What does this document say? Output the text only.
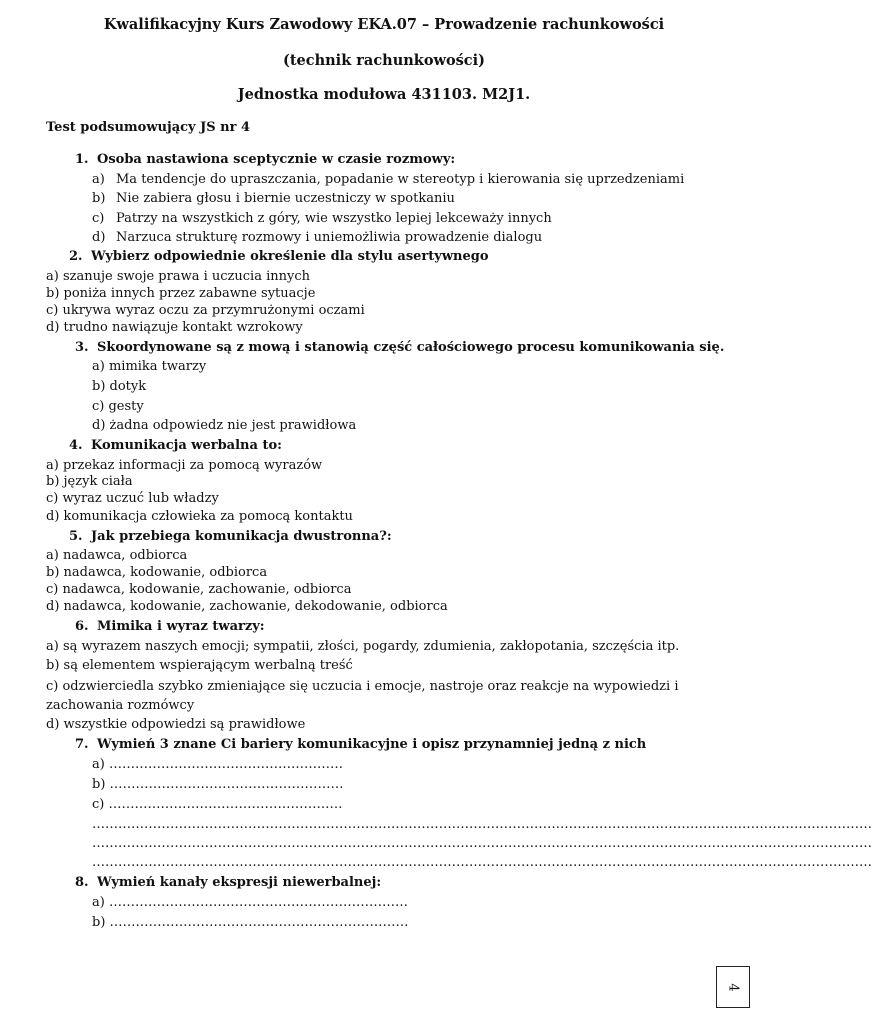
Kwalifikacyjny Kurs Zawodowy EKA.07 – Prowadzenie rachunkowości
(technik rachunkowości)
Jednostka modułowa 431103. M2J1.
Test podsumowujący JS nr 4
1. Osoba nastawiona sceptycznie w czasie rozmowy:
a) Ma tendencje do upraszczania, popadanie w stereotyp i kierowania się uprzedzeniami
b) Nie zabiera głosu i biernie uczestniczy w spotkaniu
c) Patrzy na wszystkich z góry, wie wszystko lepiej lekceważy innych
d) Narzuca strukturę rozmowy i uniemożliwia prowadzenie dialogu
2. Wybierz odpowiednie określenie dla stylu asertywnego
a) szanuje swoje prawa i uczucia innych
b) poniża innych przez zabawne sytuacje
c) ukrywa wyraz oczu za przymrużonymi oczami
d) trudno nawiązuje kontakt wzrokowy
3. Skoordynowane są z mową i stanowią część całościowego procesu komunikowania się.
a) mimika twarzy
b) dotyk
c) gesty
d) żadna odpowiedz nie jest prawidłowa
4. Komunikacja werbalna to:
a) przekaz informacji za pomocą wyrazów
b) język ciała
c) wyraz uczuć lub władzy
d) komunikacja człowieka za pomocą kontaktu
5. Jak przebiega komunikacja dwustronna?:
a) nadawca, odbiorca
b) nadawca, kodowanie, odbiorca
c) nadawca, kodowanie, zachowanie, odbiorca
d) nadawca, kodowanie, zachowanie, dekodowanie, odbiorca
6. Mimika i wyraz twarzy:
a) są wyrazem naszych emocji; sympatii, złości, pogardy, zdumienia, zakłopotania, szczęścia itp.
b) są elementem wspierającym werbalną treść
c) odzwierciedla szybko zmieniające się uczucia i emocje, nastroje oraz reakcje na wypowiedzi i
zachowania rozmówcy
d) wszystkie odpowiedzi są prawidłowe
7. Wymień 3 znane Ci bariery komunikacyjne i opisz przynamniej jedną z nich
a) ………………………………………………
b) ………………………………………………
c) ………………………………………………
………………………………………………………………………………………………………………………………………………………………
………………………………………………………………………………………………………………………………………………………………
………………………………………………………………………………………………………………………………………………………………
8. Wymień kanały ekspresji niewerbalnej:
a) ……………………………………………………………
b) ……………………………………………………………
4
